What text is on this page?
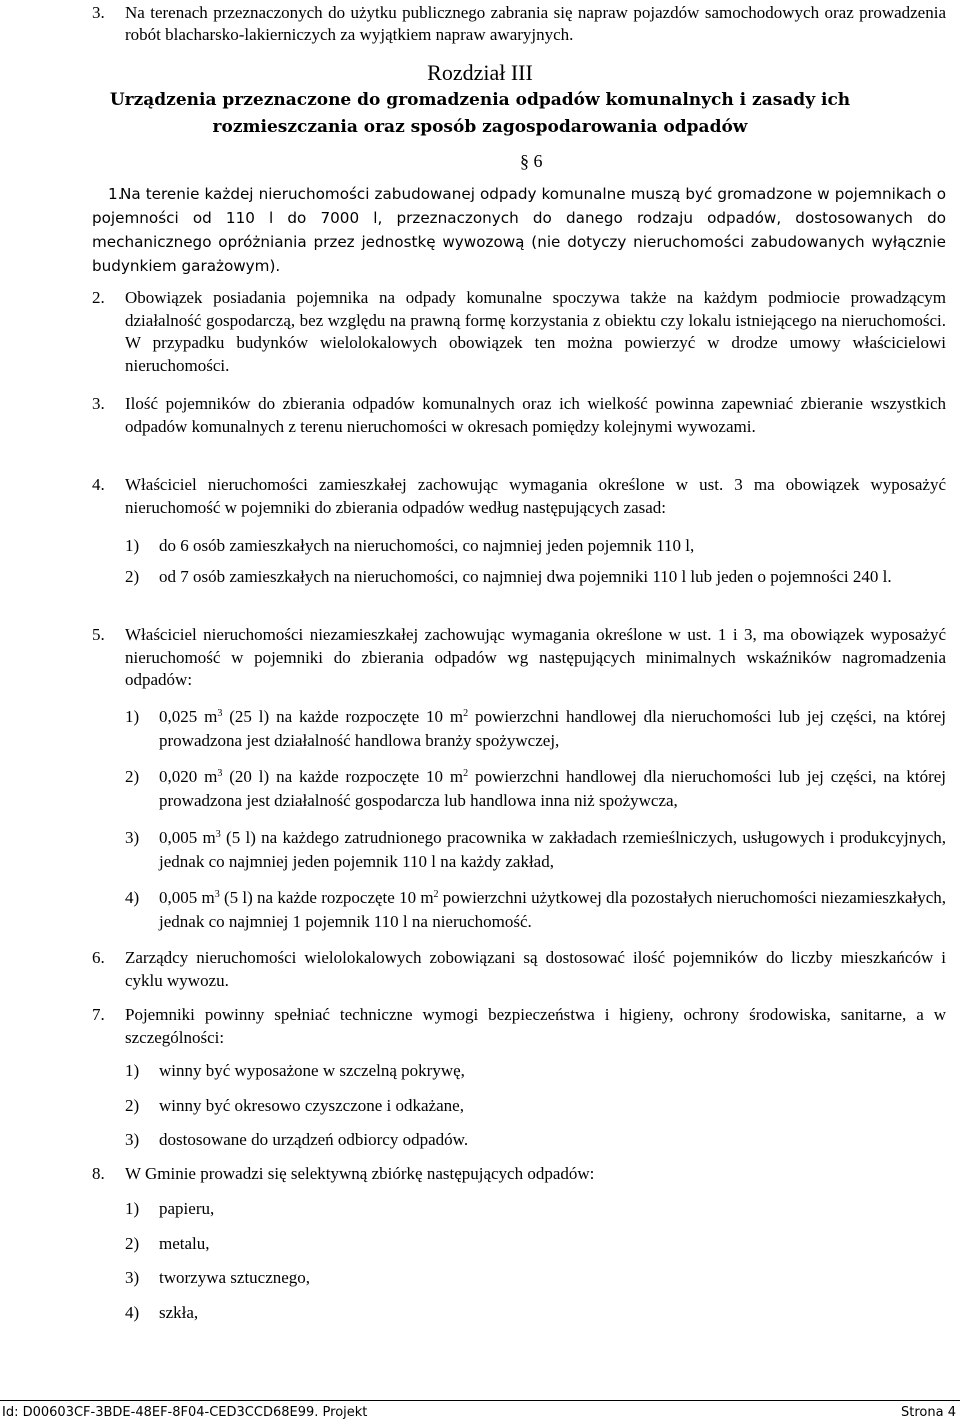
3.	Na terenach przeznaczonych do użytku publicznego zabrania się napraw pojazdów samochodowych oraz prowadzenia robót blacharsko-lakierniczych za wyjątkiem napraw awaryjnych.
Rozdział III
Urządzenia przeznaczone do gromadzenia odpadów komunalnych i zasady ich
rozmieszczania oraz sposób zagospodarowania odpadów
§ 6
1.
Na terenie każdej nieruchomości zabudowanej odpady komunalne muszą być gromadzone w pojemnikach o pojemności od 110 l do 7000 l, przeznaczonych do danego rodzaju odpadów, dostosowanych do mechanicznego opróżniania przez jednostkę wywozową (nie dotyczy nieruchomości zabudowanych wyłącznie budynkiem garażowym).
2.	Obowiązek posiadania pojemnika na odpady komunalne spoczywa także na każdym podmiocie prowadzącym działalność gospodarczą, bez względu na prawną formę korzystania z obiektu czy lokalu istniejącego na nieruchomości. W przypadku budynków wielolokalowych obowiązek ten można powierzyć w drodze umowy właścicielowi nieruchomości.
3.	Ilość pojemników do zbierania odpadów komunalnych oraz ich wielkość powinna zapewniać zbieranie wszystkich odpadów komunalnych z terenu nieruchomości w okresach pomiędzy kolejnymi wywozami.
4.	Właściciel nieruchomości zamieszkałej zachowując wymagania określone w ust. 3 ma obowiązek wyposażyć nieruchomość w pojemniki do zbierania odpadów według następujących zasad:
1)	do 6 osób zamieszkałych na nieruchomości, co najmniej jeden pojemnik 110 l,
2)	od 7 osób zamieszkałych na nieruchomości, co najmniej dwa pojemniki 110 l lub jeden o pojemności 240 l.
5.	Właściciel nieruchomości niezamieszkałej zachowując wymagania określone w ust. 1 i 3, ma obowiązek wyposażyć nieruchomość w pojemniki do zbierania odpadów wg następujących minimalnych wskaźników nagromadzenia odpadów:
1)	0,025 $m^3$ (25 l) na każde rozpoczęte 10 $m^2$ powierzchni handlowej dla nieruchomości lub jej części, na której prowadzona jest działalność handlowa branży spożywczej,
2)	0,020 $m^3$ (20 l) na każde rozpoczęte 10 $m^2$ powierzchni handlowej dla nieruchomości lub jej części, na której prowadzona jest działalność gospodarcza lub handlowa inna niż spożywcza,
3)	0,005 $m^3$ (5 l) na każdego zatrudnionego pracownika w zakładach rzemieślniczych, usługowych i produkcyjnych, jednak co najmniej jeden pojemnik 110 l na każdy zakład,
4)	0,005 $m^3$ (5 l) na każde rozpoczęte 10 $m^2$ powierzchni użytkowej dla pozostałych nieruchomości niezamieszkałych, jednak co najmniej 1 pojemnik 110 l na nieruchomość.
6.	Zarządcy nieruchomości wielolokalowych zobowiązani są dostosować ilość pojemników do liczby mieszkańców i cyklu wywozu.
7.	Pojemniki powinny spełniać techniczne wymogi bezpieczeństwa i higieny, ochrony środowiska, sanitarne, a w szczególności:
1)	winny być wyposażone w szczelną pokrywę,
2)	winny być okresowo czyszczone i odkażane,
3)	dostosowane do urządzeń odbiorcy odpadów.
8.	W Gminie prowadzi się selektywną zbiórkę następujących odpadów:
1)	papieru,
2)	metalu,
3)	tworzywa sztucznego,
4)	szkła,
Id: D00603CF-3BDE-48EF-8F04-CED3CCD68E99. Projekt	Strona 4
